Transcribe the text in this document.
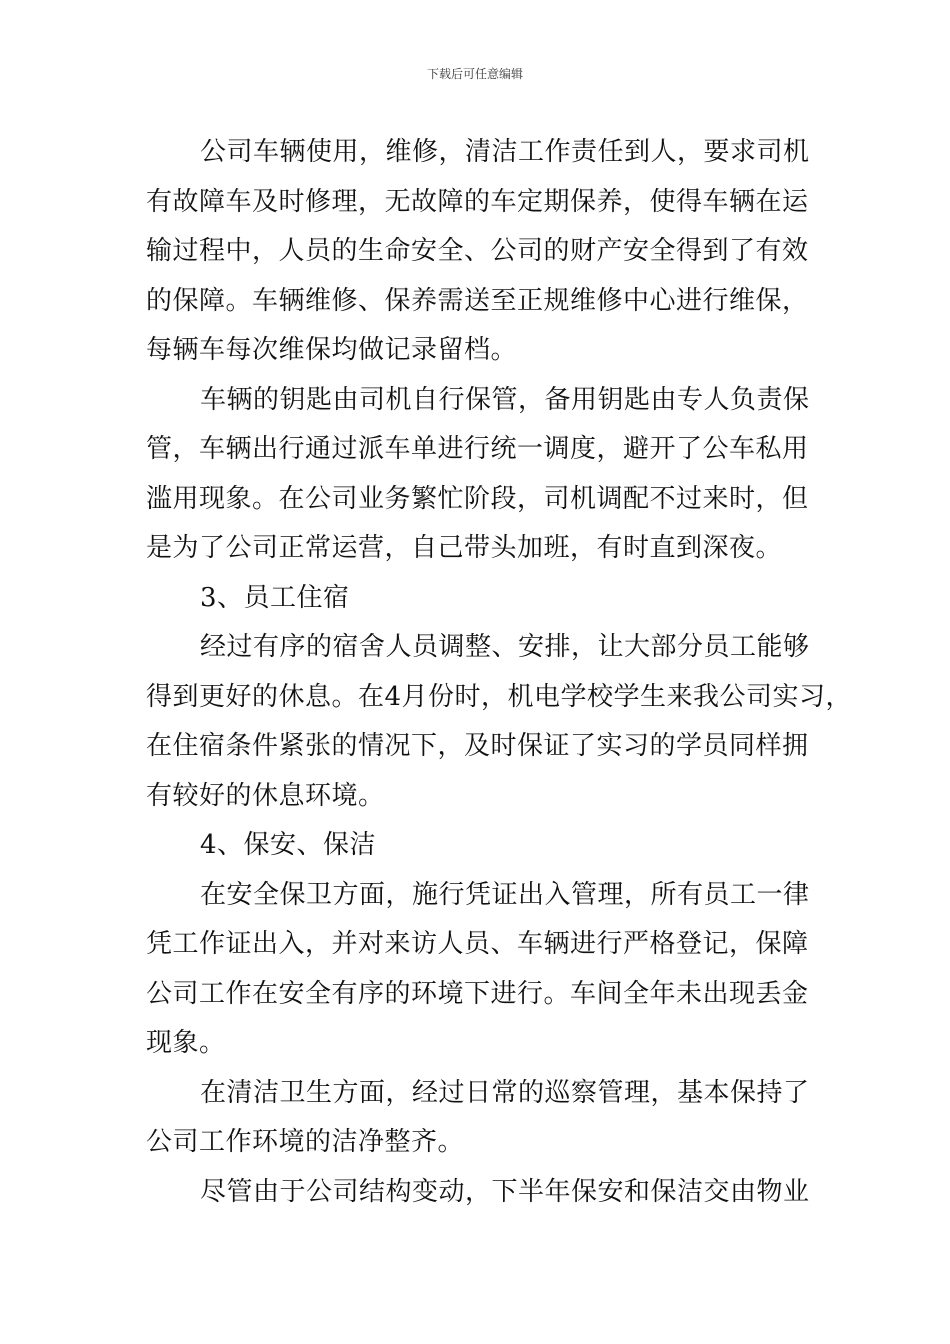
下载后可任意编辑
公司车辆使用，维修，清洁工作责任到人，要求司机
有故障车及时修理，无故障的车定期保养，使得车辆在运
输过程中，人员的生命安全、公司的财产安全得到了有效
的保障。车辆维修、保养需送至正规维修中心进行维保，
每辆车每次维保均做记录留档。
车辆的钥匙由司机自行保管，备用钥匙由专人负责保
管，车辆出行通过派车单进行统一调度，避开了公车私用
滥用现象。在公司业务繁忙阶段，司机调配不过来时，但
是为了公司正常运营，自己带头加班，有时直到深夜。
3、员工住宿
经过有序的宿舍人员调整、安排，让大部分员工能够
得到更好的休息。在4月份时，机电学校学生来我公司实习，
在住宿条件紧张的情况下，及时保证了实习的学员同样拥
有较好的休息环境。
4、保安、保洁
在安全保卫方面，施行凭证出入管理，所有员工一律
凭工作证出入，并对来访人员、车辆进行严格登记，保障
公司工作在安全有序的环境下进行。车间全年未出现丢金
现象。
在清洁卫生方面，经过日常的巡察管理，基本保持了
公司工作环境的洁净整齐。
尽管由于公司结构变动，下半年保安和保洁交由物业
